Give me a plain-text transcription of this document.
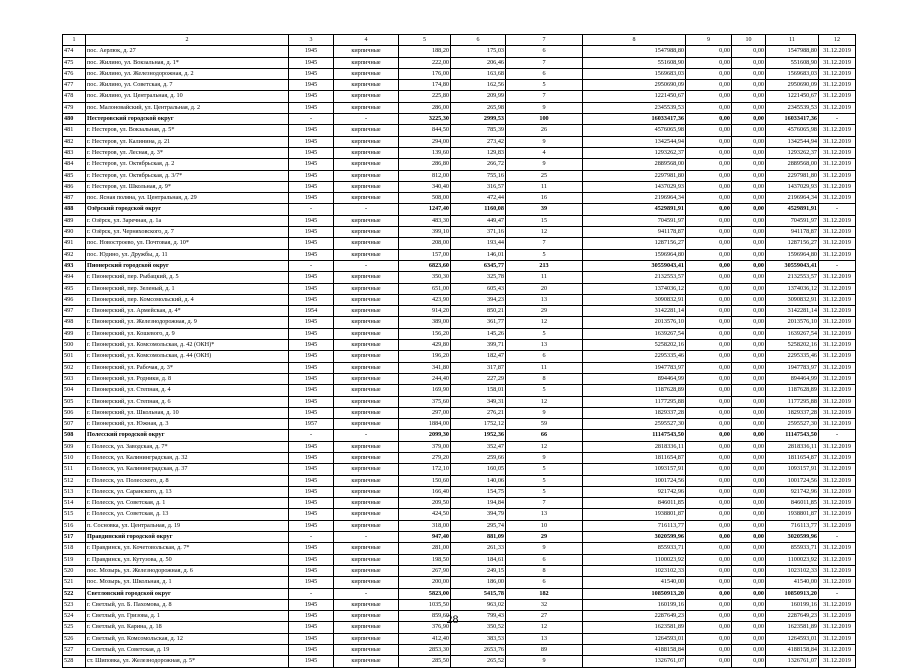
1	2	3	4	5	6	7	8	9	10	11	12
474	пос. Аерлюк, д. 27	1945	кирпичные	188,20	175,03	6	1547988,80	0,00	0,00	1547988,80	31.12.2019
475	пос. Жилино, ул. Вокзальная, д. 1*	1945	кирпичные	222,00	206,46	7	551608,90	0,00	0,00	551608,90	31.12.2019
476	пос. Жилино, ул. Железнодорожная, д. 2	1945	кирпичные	176,00	163,68	6	1569683,03	0,00	0,00	1569683,03	31.12.2019
477	пос. Жилино, ул. Советская, д. 7	1945	кирпичные	174,80	162,56	5	2950690,09	0,00	0,00	2950690,09	31.12.2019
478	пос. Жилино, ул. Центральная, д. 10	1945	кирпичные	225,80	209,99	7	1221450,67	0,00	0,00	1221450,67	31.12.2019
479	пос. Малоновайский, ул. Центральная, д. 2	1945	кирпичные	286,00	265,98	9	2345539,53	0,00	0,00	2345539,53	31.12.2019
480	Нестеровский городской округ	-	-	3225,30	2999,53	100	16033417,36	0,00	0,00	16033417,36	-
481	г. Нестеров, ул. Вокзальная, д. 5*	1945	кирпичные	844,50	785,39	26	4576065,98	0,00	0,00	4576065,98	31.12.2019
482	г. Нестеров, ул. Калинина, д. 21	1945	кирпичные	294,00	273,42	9	1342544,94	0,00	0,00	1342544,94	31.12.2019
483	г. Нестеров, ул. Лесная, д. 3*	1945	кирпичные	139,60	129,83	4	1293262,37	0,00	0,00	1293262,37	31.12.2019
484	г. Нестеров, ул. Октябрьская, д. 2	1945	кирпичные	286,80	266,72	9	2889568,00	0,00	0,00	2889568,00	31.12.2019
485	г. Нестеров, ул. Октябрьская, д. 3/7*	1945	кирпичные	812,00	755,16	25	2297981,80	0,00	0,00	2297981,80	31.12.2019
486	г. Нестеров, ул. Школьная, д. 9*	1945	кирпичные	340,40	316,57	11	1437029,93	0,00	0,00	1437029,93	31.12.2019
487	пос. Ясная поляна, ул. Центральная, д. 29	1945	кирпичные	508,00	472,44	16	2196964,34	0,00	0,00	2196964,34	31.12.2019
488	Озёрский городской округ	-	-	1247,40	1160,08	39	4529891,91	0,00	0,00	4529891,91	-
489	г. Озёрск, ул. Заречная, д. 1а	1945	кирпичные	483,30	449,47	15	704591,97	0,00	0,00	704591,97	31.12.2019
490	г. Озёрск, ул. Черняховского, д. 7	1945	кирпичные	399,10	371,16	12	941178,87	0,00	0,00	941178,87	31.12.2019
491	пос. Новостроево, ул. Почтовая, д. 10*	1945	кирпичные	208,00	193,44	7	1287156,27	0,00	0,00	1287156,27	31.12.2019
492	пос. Юдино, ул. Дружбы, д. 11	1945	кирпичные	157,00	146,01	5	1596964,80	0,00	0,00	1596964,80	31.12.2019
493	Пионерский городской округ	-	-	6823,60	6345,77	213	30559043,41	0,00	0,00	30559043,41	-
494	г. Пионерский, пер. Рыбацкий, д. 5	1945	кирпичные	350,30	325,78	11	2132553,57	0,00	0,00	2132553,57	31.12.2019
495	г. Пионерский, пер. Зеленый, д. 1	1945	кирпичные	651,00	605,43	20	1374036,12	0,00	0,00	1374036,12	31.12.2019
496	г. Пионерский, пер. Комсомольский, д. 4	1945	кирпичные	423,90	394,23	13	3090832,91	0,00	0,00	3090832,91	31.12.2019
497	г. Пионерский, ул. Армейская, д. 4*	1954	кирпичные	914,20	850,21	29	3142281,14	0,00	0,00	3142281,14	31.12.2019
498	г. Пионерский, ул. Железнодорожная, д. 9	1945	кирпичные	389,00	361,77	12	2013576,10	0,00	0,00	2013576,10	31.12.2019
499	г. Пионерский, ул. Кошевого, д. 9	1945	кирпичные	156,20	145,26	5	1639267,54	0,00	0,00	1639267,54	31.12.2019
500	г. Пионерский, ул. Комсомольская, д. 42 (ОКН)*	1945	кирпичные	429,80	399,71	13	5258202,16	0,00	0,00	5258202,16	31.12.2019
501	г. Пионерский, ул. Комсомольская, д. 44 (ОКН)	1945	кирпичные	196,20	182,47	6	2295335,46	0,00	0,00	2295335,46	31.12.2019
502	г. Пионерский, ул. Рабочая, д. 3*	1945	кирпичные	341,80	317,87	11	1947783,97	0,00	0,00	1947783,97	31.12.2019
503	г. Пионерский, ул. Родники, д. 8	1945	кирпичные	244,40	227,29	8	894464,99	0,00	0,00	894464,99	31.12.2019
504	г. Пионерский, ул. Степная, д. 4	1945	кирпичные	169,90	158,01	5	1187628,89	0,00	0,00	1187628,89	31.12.2019
505	г. Пионерский, ул. Степная, д. 6	1945	кирпичные	375,60	349,31	12	1177295,88	0,00	0,00	1177295,88	31.12.2019
506	г. Пионерский, ул. Школьная, д. 10	1945	кирпичные	297,00	276,21	9	1829337,28	0,00	0,00	1829337,28	31.12.2019
507	г. Пионерский, ул. Южная, д. 3	1957	кирпичные	1884,00	1752,12	59	2595527,30	0,00	0,00	2595527,30	31.12.2019
508	Полесский городской округ	-	-	2099,30	1952,36	66	11147543,50	0,00	0,00	11147543,50	-
509	г. Полесск, ул. Заводская, д. 7*	1945	кирпичные	379,00	352,47	12	2818336,11	0,00	0,00	2818336,11	31.12.2019
510	г. Полесск, ул. Калининградская, д. 32	1945	кирпичные	279,20	259,66	9	1811654,87	0,00	0,00	1811654,87	31.12.2019
511	г. Полесск, ул. Калининградская, д. 37	1945	кирпичные	172,10	160,05	5	1093157,91	0,00	0,00	1093157,91	31.12.2019
512	г. Полесск, ул. Полесского, д. 8	1945	кирпичные	150,60	140,06	5	1001724,56	0,00	0,00	1001724,56	31.12.2019
513	г. Полесск, ул. Саранского, д. 13	1945	кирпичные	166,40	154,75	5	921742,96	0,00	0,00	921742,96	31.12.2019
514	г. Полесск, ул. Советская, д. 1	1945	кирпичные	209,50	194,84	7	846011,85	0,00	0,00	846011,85	31.12.2019
515	г. Полесск, ул. Советская, д. 13	1945	кирпичные	424,50	394,79	13	1938801,87	0,00	0,00	1938801,87	31.12.2019
516	п. Сосновка, ул. Центральная, д. 19	1945	кирпичные	318,00	295,74	10	716113,77	0,00	0,00	716113,77	31.12.2019
517	Правдинский городской округ	-	-	947,40	881,09	29	3020599,96	0,00	0,00	3020599,96	-
518	г. Правдинск, ул. Кочетовольская, д. 7*	1945	кирпичные	281,00	261,33	9	855933,71	0,00	0,00	855933,71	31.12.2019
519	г. Правдинск, ул. Кутузова, д. 50	1945	кирпичные	198,50	184,61	6	1100023,92	0,00	0,00	1100023,92	31.12.2019
520	пос. Мозырь, ул. Железнодорожная, д. 6	1945	кирпичные	267,90	249,15	8	1023102,33	0,00	0,00	1023102,33	31.12.2019
521	пос. Мозырь, ул. Школьная, д. 1	1945	кирпичные	200,00	186,00	6	41540,00	0,00	0,00	41540,00	31.12.2019
522	Светловский городской округ	-	-	5823,00	5415,78	182	10850913,20	0,00	0,00	10850913,20	-
523	г. Светлый, ул. Б. Пахомова, д. 8	1945	кирпичные	1035,50	963,02	32	160199,16	0,00	0,00	160199,16	31.12.2019
524	г. Светлый, ул. Гризова, д. 1	1945	кирпичные	859,60	799,43	27	2287649,23	0,00	0,00	2287649,23	31.12.2019
525	г. Светлый, ул. Карина, д. 18	1945	кирпичные	376,90	350,52	12	1623581,89	0,00	0,00	1623581,89	31.12.2019
526	г. Светлый, ул. Комсомольская, д. 12	1945	кирпичные	412,40	383,53	13	1264593,01	0,00	0,00	1264593,01	31.12.2019
527	г. Светлый, ул. Советская, д. 19	1945	кирпичные	2853,30	2653,76	89	4188158,84	0,00	0,00	4188158,84	31.12.2019
528	ст. Шиповка, ул. Железнодорожная, д. 5*	1945	кирпичные	285,50	265,52	9	1326761,07	0,00	0,00	1326761,07	31.12.2019
28
